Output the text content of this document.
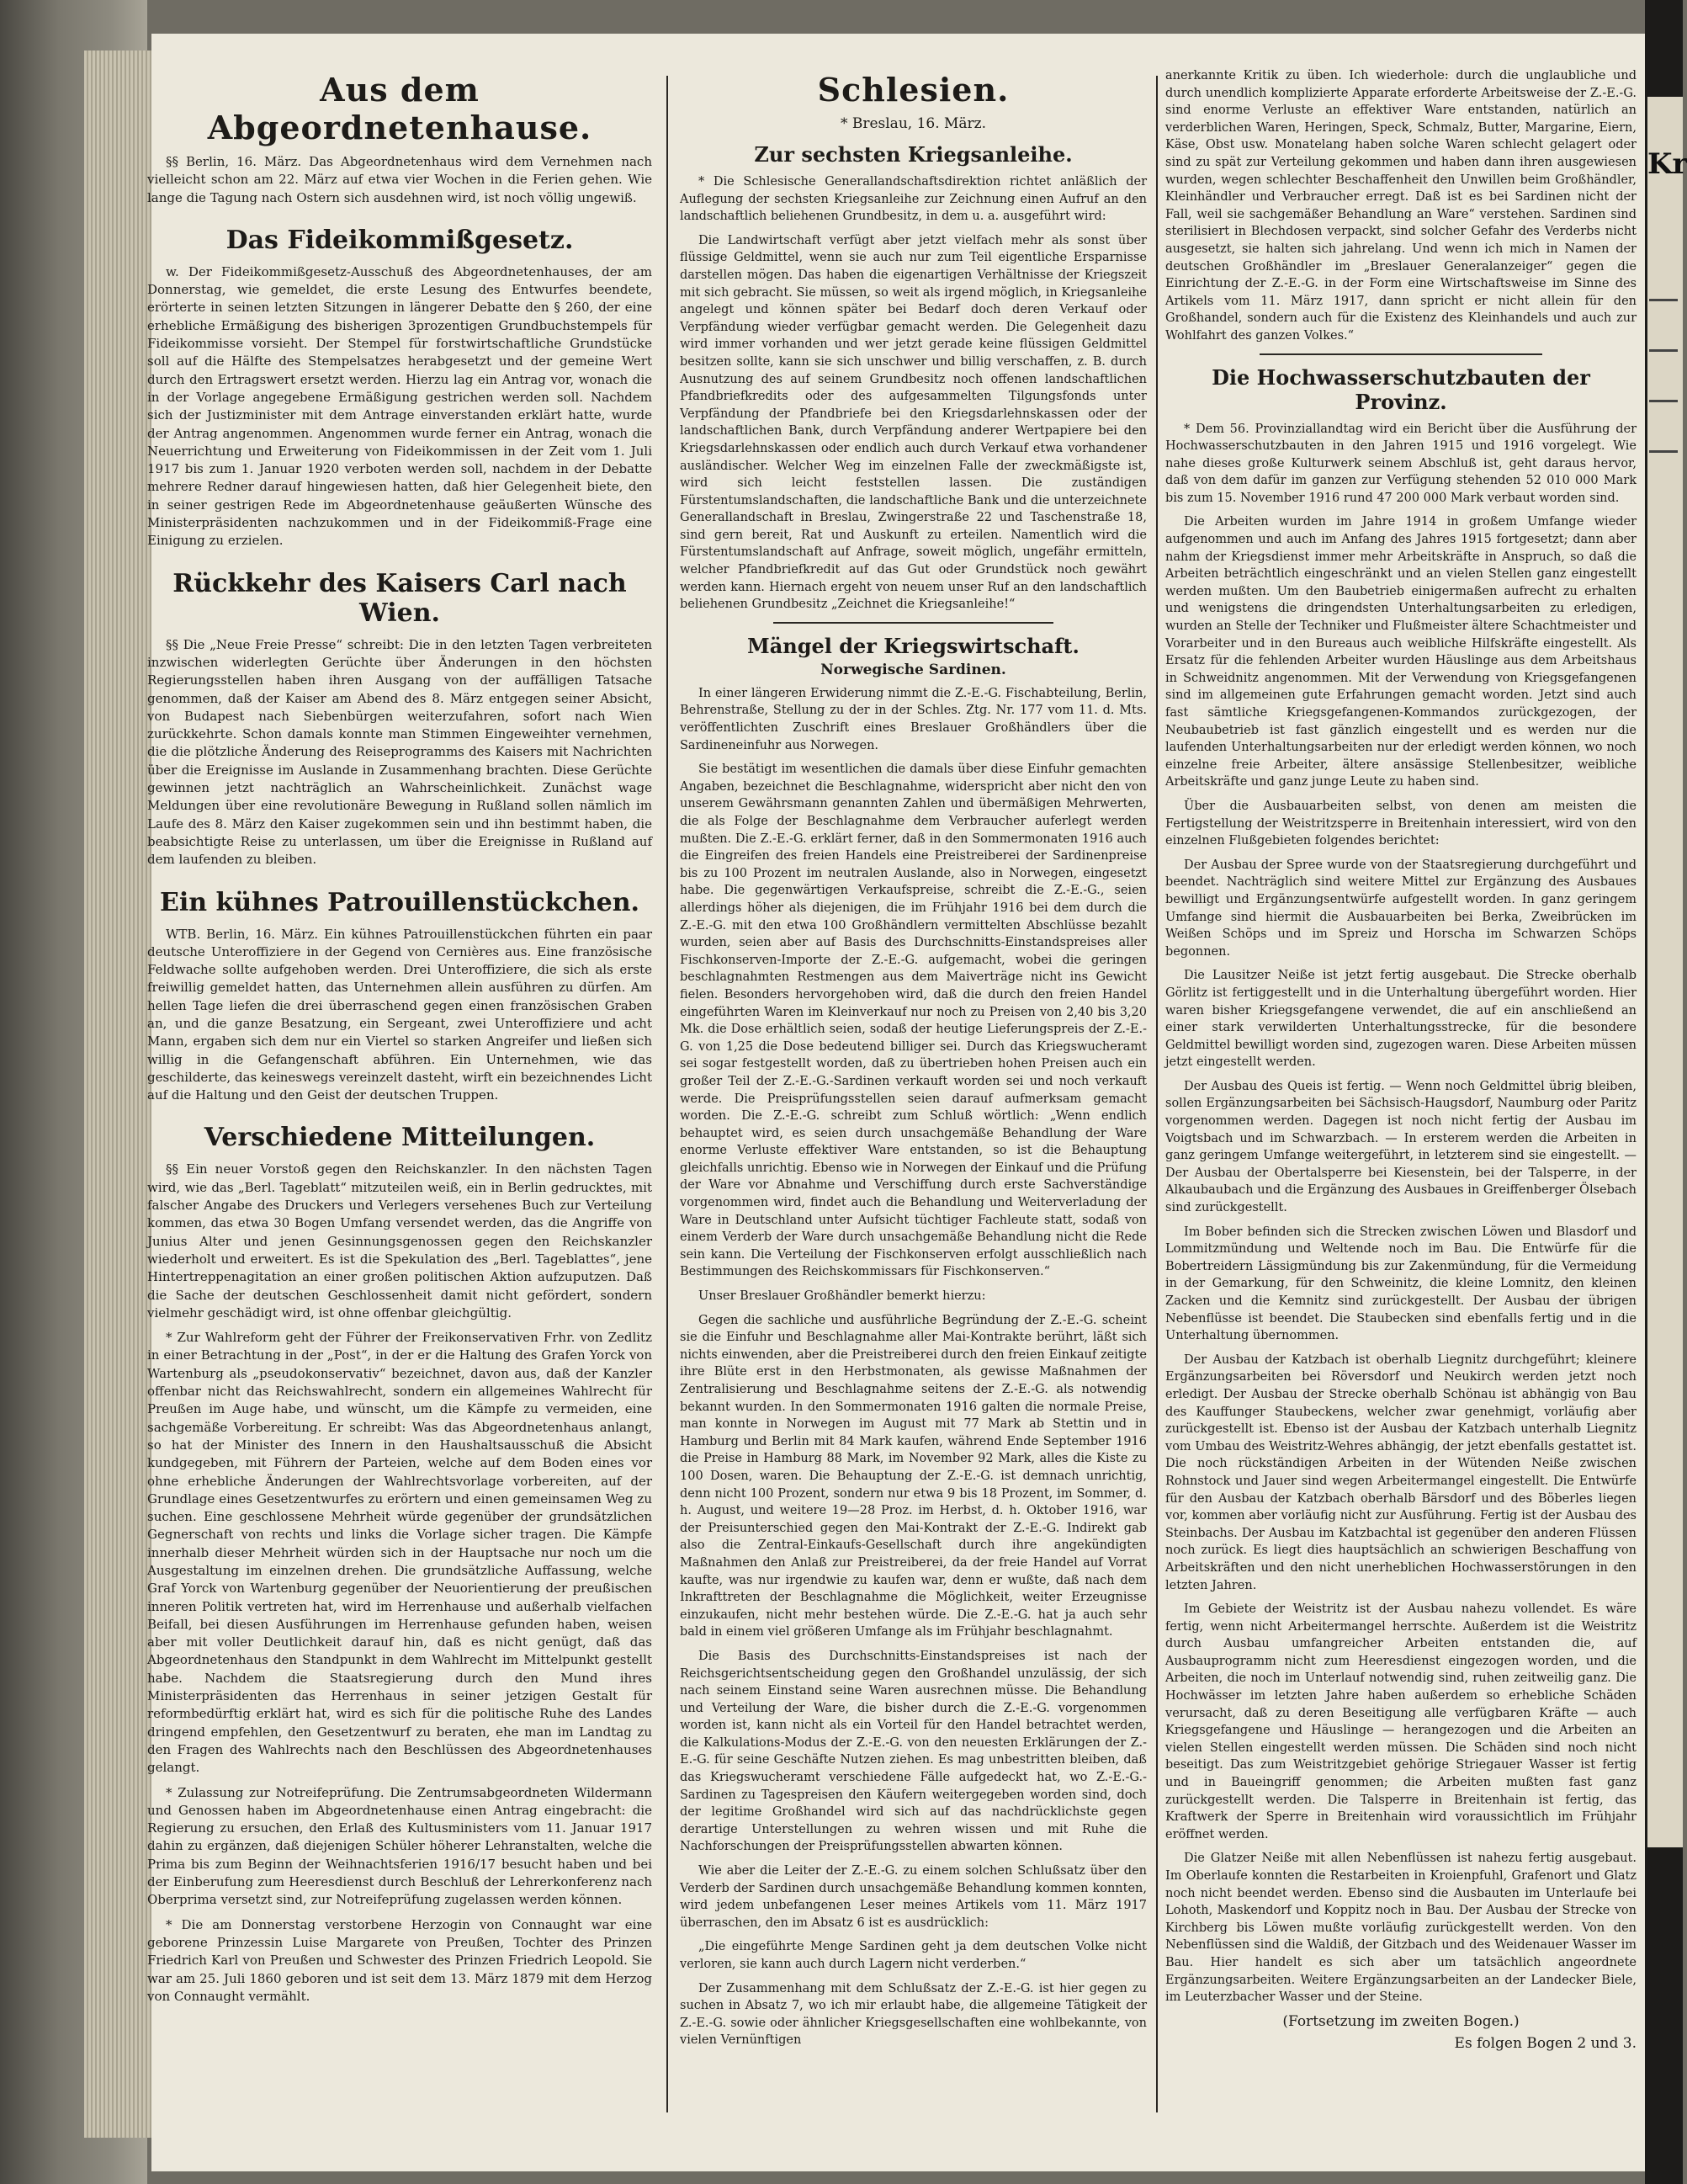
Aus dem Abgeordnetenhause.

§§ Berlin, 16. März. Das Abgeordnetenhaus wird dem Vernehmen nach vielleicht schon am 22. März auf etwa vier Wochen in die Ferien gehen. Wie lange die Tagung nach Ostern sich ausdehnen wird, ist noch völlig ungewiß.

Das Fideikommißgesetz.

w. Der Fideikommißgesetz-Ausschuß des Abgeordnetenhauses, der am Donnerstag, wie gemeldet, die erste Lesung des Entwurfes beendete, erörterte in seinen letzten Sitzungen in längerer Debatte den § 260, der eine erhebliche Ermäßigung des bisherigen 3prozentigen Grundbuchstempels für Fideikommisse vorsieht. Der Stempel für forstwirtschaftliche Grundstücke soll auf die Hälfte des Stempelsatzes herabgesetzt und der gemeine Wert durch den Ertragswert ersetzt werden. Hierzu lag ein Antrag vor, wonach die in der Vorlage angegebene Ermäßigung gestrichen werden soll. Nachdem sich der Justizminister mit dem Antrage einverstanden erklärt hatte, wurde der Antrag angenommen. Angenommen wurde ferner ein Antrag, wonach die Neuerrichtung und Erweiterung von Fideikommissen in der Zeit vom 1. Juli 1917 bis zum 1. Januar 1920 verboten werden soll, nachdem in der Debatte mehrere Redner darauf hingewiesen hatten, daß hier Gelegenheit biete, den in seiner gestrigen Rede im Abgeordnetenhause geäußerten Wünsche des Ministerpräsidenten nachzukommen und in der Fideikommiß-Frage eine Einigung zu erzielen.

Rückkehr des Kaisers Carl nach Wien.

§§ Die „Neue Freie Presse“ schreibt: Die in den letzten Tagen verbreiteten inzwischen widerlegten Gerüchte über Änderungen in den höchsten Regierungsstellen haben ihren Ausgang von der auffälligen Tatsache genommen, daß der Kaiser am Abend des 8. März entgegen seiner Absicht, von Budapest nach Siebenbürgen weiterzufahren, sofort nach Wien zurückkehrte. Schon damals konnte man Stimmen Eingeweihter vernehmen, die die plötzliche Änderung des Reiseprogramms des Kaisers mit Nachrichten über die Ereignisse im Auslande in Zusammenhang brachten. Diese Gerüchte gewinnen jetzt nachträglich an Wahrscheinlichkeit. Zunächst wage Meldungen über eine revolutionäre Bewegung in Rußland sollen nämlich im Laufe des 8. März den Kaiser zugekommen sein und ihn bestimmt haben, die beabsichtigte Reise zu unterlassen, um über die Ereignisse in Rußland auf dem laufenden zu bleiben.

Ein kühnes Patrouillenstückchen.

WTB. Berlin, 16. März. Ein kühnes Patrouillenstückchen führten ein paar deutsche Unteroffiziere in der Gegend von Cernières aus. Eine französische Feldwache sollte aufgehoben werden. Drei Unteroffiziere, die sich als erste freiwillig gemeldet hatten, das Unternehmen allein ausführen zu dürfen. Am hellen Tage liefen die drei überraschend gegen einen französischen Graben an, und die ganze Besatzung, ein Sergeant, zwei Unteroffiziere und acht Mann, ergaben sich dem nur ein Viertel so starken Angreifer und ließen sich willig in die Gefangenschaft abführen. Ein Unternehmen, wie das geschilderte, das keineswegs vereinzelt dasteht, wirft ein bezeichnendes Licht auf die Haltung und den Geist der deutschen Truppen.

Verschiedene Mitteilungen.

§§ Ein neuer Vorstoß gegen den Reichskanzler. In den nächsten Tagen wird, wie das „Berl. Tageblatt“ mitzuteilen weiß, ein in Berlin gedrucktes, mit falscher Angabe des Druckers und Verlegers versehenes Buch zur Verteilung kommen, das etwa 30 Bogen Umfang versendet werden, das die Angriffe von Junius Alter und jenen Gesinnungsgenossen gegen den Reichskanzler wiederholt und erweitert. Es ist die Spekulation des „Berl. Tageblattes“, jene Hintertreppenagitation an einer großen politischen Aktion aufzuputzen. Daß die Sache der deutschen Geschlossenheit damit nicht gefördert, sondern vielmehr geschädigt wird, ist ohne offenbar gleichgültig.

* Zur Wahlreform geht der Führer der Freikonservativen Frhr. von Zedlitz in einer Betrachtung in der „Post“, in der er die Haltung des Grafen Yorck von Wartenburg als „pseudokonservativ“ bezeichnet, davon aus, daß der Kanzler offenbar nicht das Reichswahlrecht, sondern ein allgemeines Wahlrecht für Preußen im Auge habe, und wünscht, um die Kämpfe zu vermeiden, eine sachgemäße Vorbereitung. Er schreibt: Was das Abgeordnetenhaus anlangt, so hat der Minister des Innern in den Haushaltsausschuß die Absicht kundgegeben, mit Führern der Parteien, welche auf dem Boden eines vor ohne erhebliche Änderungen der Wahlrechtsvorlage vorbereiten, auf der Grundlage eines Gesetzentwurfes zu erörtern und einen gemeinsamen Weg zu suchen. Eine geschlossene Mehrheit würde gegenüber der grundsätzlichen Gegnerschaft von rechts und links die Vorlage sicher tragen. Die Kämpfe innerhalb dieser Mehrheit würden sich in der Hauptsache nur noch um die Ausgestaltung im einzelnen drehen. Die grundsätzliche Auffassung, welche Graf Yorck von Wartenburg gegenüber der Neuorientierung der preußischen inneren Politik vertreten hat, wird im Herrenhause und außerhalb vielfachen Beifall, bei diesen Ausführungen im Herrenhause gefunden haben, weisen aber mit voller Deutlichkeit darauf hin, daß es nicht genügt, daß das Abgeordnetenhaus den Standpunkt in dem Wahlrecht im Mittelpunkt gestellt habe. Nachdem die Staatsregierung durch den Mund ihres Ministerpräsidenten das Herrenhaus in seiner jetzigen Gestalt für reformbedürftig erklärt hat, wird es sich für die politische Ruhe des Landes dringend empfehlen, den Gesetzentwurf zu beraten, ehe man im Landtag zu den Fragen des Wahlrechts nach den Beschlüssen des Abgeordnetenhauses gelangt.

* Zulassung zur Notreifeprüfung. Die Zentrumsabgeordneten Wildermann und Genossen haben im Abgeordnetenhause einen Antrag eingebracht: die Regierung zu ersuchen, den Erlaß des Kultusministers vom 11. Januar 1917 dahin zu ergänzen, daß diejenigen Schüler höherer Lehranstalten, welche die Prima bis zum Beginn der Weihnachtsferien 1916/17 besucht haben und bei der Einberufung zum Heeresdienst durch Beschluß der Lehrerkonferenz nach Oberprima versetzt sind, zur Notreifeprüfung zugelassen werden können.

* Die am Donnerstag verstorbene Herzogin von Connaught war eine geborene Prinzessin Luise Margarete von Preußen, Tochter des Prinzen Friedrich Karl von Preußen und Schwester des Prinzen Friedrich Leopold. Sie war am 25. Juli 1860 geboren und ist seit dem 13. März 1879 mit dem Herzog von Connaught vermählt.

Schlesien.
* Breslau, 16. März.
Zur sechsten Kriegsanleihe.

* Die Schlesische Generallandschaftsdirektion richtet anläßlich der Auflegung der sechsten Kriegsanleihe zur Zeichnung einen Aufruf an den landschaftlich beliehenen Grundbesitz, in dem u. a. ausgeführt wird:

Die Landwirtschaft verfügt aber jetzt vielfach mehr als sonst über flüssige Geldmittel, wenn sie auch nur zum Teil eigentliche Ersparnisse darstellen mögen. Das haben die eigenartigen Verhältnisse der Kriegszeit mit sich gebracht. Sie müssen, so weit als irgend möglich, in Kriegsanleihe angelegt und können später bei Bedarf doch deren Verkauf oder Verpfändung wieder verfügbar gemacht werden. Die Gelegenheit dazu wird immer vorhanden und wer jetzt gerade keine flüssigen Geldmittel besitzen sollte, kann sie sich unschwer und billig verschaffen, z. B. durch Ausnutzung des auf seinem Grundbesitz noch offenen landschaftlichen Pfandbriefkredits oder des aufgesammelten Tilgungsfonds unter Verpfändung der Pfandbriefe bei den Kriegsdarlehnskassen oder der landschaftlichen Bank, durch Verpfändung anderer Wertpapiere bei den Kriegsdarlehnskassen oder endlich auch durch Verkauf etwa vorhandener ausländischer. Welcher Weg im einzelnen Falle der zweckmäßigste ist, wird sich leicht feststellen lassen. Die zuständigen Fürstentumslandschaften, die landschaftliche Bank und die unterzeichnete Generallandschaft in Breslau, Zwingerstraße 22 und Taschenstraße 18, sind gern bereit, Rat und Auskunft zu erteilen. Namentlich wird die Fürstentumslandschaft auf Anfrage, soweit möglich, ungefähr ermitteln, welcher Pfandbriefkredit auf das Gut oder Grundstück noch gewährt werden kann. Hiernach ergeht von neuem unser Ruf an den landschaftlich beliehenen Grundbesitz „Zeichnet die Kriegsanleihe!“

Mängel der Kriegswirtschaft.
Norwegische Sardinen.

In einer längeren Erwiderung nimmt die Z.-E.-G. Fischabteilung, Berlin, Behrenstraße, Stellung zu der in der Schles. Ztg. Nr. 177 vom 11. d. Mts. veröffentlichten Zuschrift eines Breslauer Großhändlers über die Sardineneinfuhr aus Norwegen.

Sie bestätigt im wesentlichen die damals über diese Einfuhr gemachten Angaben, bezeichnet die Beschlagnahme, widerspricht aber nicht den von unserem Gewährsmann genannten Zahlen und übermäßigen Mehrwerten, die als Folge der Beschlagnahme dem Verbraucher auferlegt werden mußten. Die Z.-E.-G. erklärt ferner, daß in den Sommermonaten 1916 auch die Eingreifen des freien Handels eine Preistreiberei der Sardinenpreise bis zu 100 Prozent im neutralen Auslande, also in Norwegen, eingesetzt habe. Die gegenwärtigen Verkaufspreise, schreibt die Z.-E.-G., seien allerdings höher als diejenigen, die im Frühjahr 1916 bei dem durch die Z.-E.-G. mit den etwa 100 Großhändlern vermittelten Abschlüsse bezahlt wurden, seien aber auf Basis des Durchschnitts-Einstandspreises aller Fischkonserven-Importe der Z.-E.-G. aufgemacht, wobei die geringen beschlagnahmten Restmengen aus dem Maiverträge nicht ins Gewicht fielen. Besonders hervorgehoben wird, daß die durch den freien Handel eingeführten Waren im Kleinverkauf nur noch zu Preisen von 2,40 bis 3,20 Mk. die Dose erhältlich seien, sodaß der heutige Lieferungspreis der Z.-E.-G. von 1,25 die Dose bedeutend billiger sei. Durch das Kriegswucheramt sei sogar festgestellt worden, daß zu übertrieben hohen Preisen auch ein großer Teil der Z.-E.-G.-Sardinen verkauft worden sei und noch verkauft werde. Die Preisprüfungsstellen seien darauf aufmerksam gemacht worden. Die Z.-E.-G. schreibt zum Schluß wörtlich: „Wenn endlich behauptet wird, es seien durch unsachgemäße Behandlung der Ware enorme Verluste effektiver Ware entstanden, so ist die Behauptung gleichfalls unrichtig. Ebenso wie in Norwegen der Einkauf und die Prüfung der Ware vor Abnahme und Verschiffung durch erste Sachverständige vorgenommen wird, findet auch die Behandlung und Weiterverladung der Ware in Deutschland unter Aufsicht tüchtiger Fachleute statt, sodaß von einem Verderb der Ware durch unsachgemäße Behandlung nicht die Rede sein kann. Die Verteilung der Fischkonserven erfolgt ausschließlich nach Bestimmungen des Reichskommissars für Fischkonserven.“

Unser Breslauer Großhändler bemerkt hierzu:

Gegen die sachliche und ausführliche Begründung der Z.-E.-G. scheint sie die Einfuhr und Beschlagnahme aller Mai-Kontrakte berührt, läßt sich nichts einwenden, aber die Preistreiberei durch den freien Einkauf zeitigte ihre Blüte erst in den Herbstmonaten, als gewisse Maßnahmen der Zentralisierung und Beschlagnahme seitens der Z.-E.-G. als notwendig bekannt wurden. In den Sommermonaten 1916 galten die normale Preise, man konnte in Norwegen im August mit 77 Mark ab Stettin und in Hamburg und Berlin mit 84 Mark kaufen, während Ende September 1916 die Preise in Hamburg 88 Mark, im November 92 Mark, alles die Kiste zu 100 Dosen, waren. Die Behauptung der Z.-E.-G. ist demnach unrichtig, denn nicht 100 Prozent, sondern nur etwa 9 bis 18 Prozent, im Sommer, d. h. August, und weitere 19—28 Proz. im Herbst, d. h. Oktober 1916, war der Preisunterschied gegen den Mai-Kontrakt der Z.-E.-G. Indirekt gab also die Zentral-Einkaufs-Gesellschaft durch ihre angekündigten Maßnahmen den Anlaß zur Preistreiberei, da der freie Handel auf Vorrat kaufte, was nur irgendwie zu kaufen war, denn er wußte, daß nach dem Inkrafttreten der Beschlagnahme die Möglichkeit, weiter Erzeugnisse einzukaufen, nicht mehr bestehen würde. Die Z.-E.-G. hat ja auch sehr bald in einem viel größeren Umfange als im Frühjahr beschlagnahmt.

Die Basis des Durchschnitts-Einstandspreises ist nach der Reichsgerichtsentscheidung gegen den Großhandel unzulässig, der sich nach seinem Einstand seine Waren ausrechnen müsse. Die Behandlung und Verteilung der Ware, die bisher durch die Z.-E.-G. vorgenommen worden ist, kann nicht als ein Vorteil für den Handel betrachtet werden, die Kalkulations-Modus der Z.-E.-G. von den neuesten Erklärungen der Z.-E.-G. für seine Geschäfte Nutzen ziehen. Es mag unbestritten bleiben, daß das Kriegswucheramt verschiedene Fälle aufgedeckt hat, wo Z.-E.-G.-Sardinen zu Tagespreisen den Käufern weitergegeben worden sind, doch der legitime Großhandel wird sich auf das nachdrücklichste gegen derartige Unterstellungen zu wehren wissen und mit Ruhe die Nachforschungen der Preisprüfungsstellen abwarten können.

Wie aber die Leiter der Z.-E.-G. zu einem solchen Schlußsatz über den Verderb der Sardinen durch unsachgemäße Behandlung kommen konnten, wird jedem unbefangenen Leser meines Artikels vom 11. März 1917 überraschen, den im Absatz 6 ist es ausdrücklich:

„Die eingeführte Menge Sardinen geht ja dem deutschen Volke nicht verloren, sie kann auch durch Lagern nicht verderben.“

Der Zusammenhang mit dem Schlußsatz der Z.-E.-G. ist hier gegen zu suchen in Absatz 7, wo ich mir erlaubt habe, die allgemeine Tätigkeit der Z.-E.-G. sowie oder ähnlicher Kriegsgesellschaften eine wohlbekannte, von vielen Vernünftigen

anerkannte Kritik zu üben. Ich wiederhole: durch die unglaubliche und durch unendlich komplizierte Apparate erforderte Arbeitsweise der Z.-E.-G. sind enorme Verluste an effektiver Ware entstanden, natürlich an verderblichen Waren, Heringen, Speck, Schmalz, Butter, Margarine, Eiern, Käse, Obst usw. Monatelang haben solche Waren schlecht gelagert oder sind zu spät zur Verteilung gekommen und haben dann ihren ausgewiesen wurden, wegen schlechter Beschaffenheit den Unwillen beim Großhändler, Kleinhändler und Verbraucher erregt. Daß ist es bei Sardinen nicht der Fall, weil sie sachgemäßer Behandlung an Ware“ verstehen. Sardinen sind sterilisiert in Blechdosen verpackt, sind solcher Gefahr des Verderbs nicht ausgesetzt, sie halten sich jahrelang. Und wenn ich mich in Namen der deutschen Großhändler im „Breslauer Generalanzeiger“ gegen die Einrichtung der Z.-E.-G. in der Form eine Wirtschaftsweise im Sinne des Artikels vom 11. März 1917, dann spricht er nicht allein für den Großhandel, sondern auch für die Existenz des Kleinhandels und auch zur Wohlfahrt des ganzen Volkes.“

Die Hochwasserschutzbauten der Provinz.

* Dem 56. Provinziallandtag wird ein Bericht über die Ausführung der Hochwasserschutzbauten in den Jahren 1915 und 1916 vorgelegt. Wie nahe dieses große Kulturwerk seinem Abschluß ist, geht daraus hervor, daß von dem dafür im ganzen zur Verfügung stehenden 52 010 000 Mark bis zum 15. November 1916 rund 47 200 000 Mark verbaut worden sind.

Die Arbeiten wurden im Jahre 1914 in großem Umfange wieder aufgenommen und auch im Anfang des Jahres 1915 fortgesetzt; dann aber nahm der Kriegsdienst immer mehr Arbeitskräfte in Anspruch, so daß die Arbeiten beträchtlich eingeschränkt und an vielen Stellen ganz eingestellt werden mußten. Um den Baubetrieb einigermaßen aufrecht zu erhalten und wenigstens die dringendsten Unterhaltungsarbeiten zu erledigen, wurden an Stelle der Techniker und Flußmeister ältere Schachtmeister und Vorarbeiter und in den Bureaus auch weibliche Hilfskräfte eingestellt. Als Ersatz für die fehlenden Arbeiter wurden Häuslinge aus dem Arbeitshaus in Schweidnitz angenommen. Mit der Verwendung von Kriegsgefangenen sind im allgemeinen gute Erfahrungen gemacht worden. Jetzt sind auch fast sämtliche Kriegsgefangenen-Kommandos zurückgezogen, der Neubaubetrieb ist fast gänzlich eingestellt und es werden nur die laufenden Unterhaltungsarbeiten nur der erledigt werden können, wo noch einzelne freie Arbeiter, ältere ansässige Stellenbesitzer, weibliche Arbeitskräfte und ganz junge Leute zu haben sind.

Über die Ausbauarbeiten selbst, von denen am meisten die Fertigstellung der Weistritzsperre in Breitenhain interessiert, wird von den einzelnen Flußgebieten folgendes berichtet:

Der Ausbau der Spree wurde von der Staatsregierung durchgeführt und beendet. Nachträglich sind weitere Mittel zur Ergänzung des Ausbaues bewilligt und Ergänzungsentwürfe aufgestellt worden. In ganz geringem Umfange sind hiermit die Ausbauarbeiten bei Berka, Zweibrücken im Weißen Schöps und im Spreiz und Horscha im Schwarzen Schöps begonnen.

Die Lausitzer Neiße ist jetzt fertig ausgebaut. Die Strecke oberhalb Görlitz ist fertiggestellt und in die Unterhaltung übergeführt worden. Hier waren bisher Kriegsgefangene verwendet, die auf ein anschließend an einer stark verwilderten Unterhaltungsstrecke, für die besondere Geldmittel bewilligt worden sind, zugezogen waren. Diese Arbeiten müssen jetzt eingestellt werden.

Der Ausbau des Queis ist fertig. — Wenn noch Geldmittel übrig bleiben, sollen Ergänzungsarbeiten bei Sächsisch-Haugsdorf, Naumburg oder Paritz vorgenommen werden. Dagegen ist noch nicht fertig der Ausbau im Voigtsbach und im Schwarzbach. — In ersterem werden die Arbeiten in ganz geringem Umfange weitergeführt, in letzterem sind sie eingestellt. — Der Ausbau der Obertalsperre bei Kiesenstein, bei der Talsperre, in der Alkaubaubach und die Ergänzung des Ausbaues in Greiffenberger Ölsebach sind zurückgestellt.

Im Bober befinden sich die Strecken zwischen Löwen und Blasdorf und Lommitzmündung und Weltende noch im Bau. Die Entwürfe für die Bobertreidern Lässigmündung bis zur Zakenmündung, für die Vermeidung in der Gemarkung, für den Schweinitz, die kleine Lomnitz, den kleinen Zacken und die Kemnitz sind zurückgestellt. Der Ausbau der übrigen Nebenflüsse ist beendet. Die Staubecken sind ebenfalls fertig und in die Unterhaltung übernommen.

Der Ausbau der Katzbach ist oberhalb Liegnitz durchgeführt; kleinere Ergänzungsarbeiten bei Röversdorf und Neukirch werden jetzt noch erledigt. Der Ausbau der Strecke oberhalb Schönau ist abhängig von Bau des Kauffunger Staubeckens, welcher zwar genehmigt, vorläufig aber zurückgestellt ist. Ebenso ist der Ausbau der Katzbach unterhalb Liegnitz vom Umbau des Weistritz-Wehres abhängig, der jetzt ebenfalls gestattet ist. Die noch rückständigen Arbeiten in der Wütenden Neiße zwischen Rohnstock und Jauer sind wegen Arbeitermangel eingestellt. Die Entwürfe für den Ausbau der Katzbach oberhalb Bärsdorf und des Böberles liegen vor, kommen aber vorläufig nicht zur Ausführung. Fertig ist der Ausbau des Steinbachs. Der Ausbau im Katzbachtal ist gegenüber den anderen Flüssen noch zurück. Es liegt dies hauptsächlich an schwierigen Beschaffung von Arbeitskräften und den nicht unerheblichen Hochwasserstörungen in den letzten Jahren.

Im Gebiete der Weistritz ist der Ausbau nahezu vollendet. Es wäre fertig, wenn nicht Arbeitermangel herrschte. Außerdem ist die Weistritz durch Ausbau umfangreicher Arbeiten entstanden die, auf Ausbauprogramm nicht zum Heeresdienst eingezogen worden, und die Arbeiten, die noch im Unterlauf notwendig sind, ruhen zeitweilig ganz. Die Hochwässer im letzten Jahre haben außerdem so erhebliche Schäden verursacht, daß zu deren Beseitigung alle verfügbaren Kräfte — auch Kriegsgefangene und Häuslinge — herangezogen und die Arbeiten an vielen Stellen eingestellt werden müssen. Die Schäden sind noch nicht beseitigt. Das zum Weistritzgebiet gehörige Striegauer Wasser ist fertig und in Baueingriff genommen; die Arbeiten mußten fast ganz zurückgestellt werden. Die Talsperre in Breitenhain ist fertig, das Kraftwerk der Sperre in Breitenhain wird voraussichtlich im Frühjahr eröffnet werden.

Die Glatzer Neiße mit allen Nebenflüssen ist nahezu fertig ausgebaut. Im Oberlaufe konnten die Restarbeiten in Kroienpfuhl, Grafenort und Glatz noch nicht beendet werden. Ebenso sind die Ausbauten im Unterlaufe bei Lohoth, Maskendorf und Koppitz noch in Bau. Der Ausbau der Strecke von Kirchberg bis Löwen mußte vorläufig zurückgestellt werden. Von den Nebenflüssen sind die Waldiß, der Gitzbach und des Weidenauer Wasser im Bau. Hier handelt es sich aber um tatsächlich angeordnete Ergänzungsarbeiten. Weitere Ergänzungsarbeiten an der Landecker Biele, im Leuterzbacher Wasser und der Steine.

(Fortsetzung im zweiten Bogen.)
Es folgen Bogen 2 und 3.
Kr
